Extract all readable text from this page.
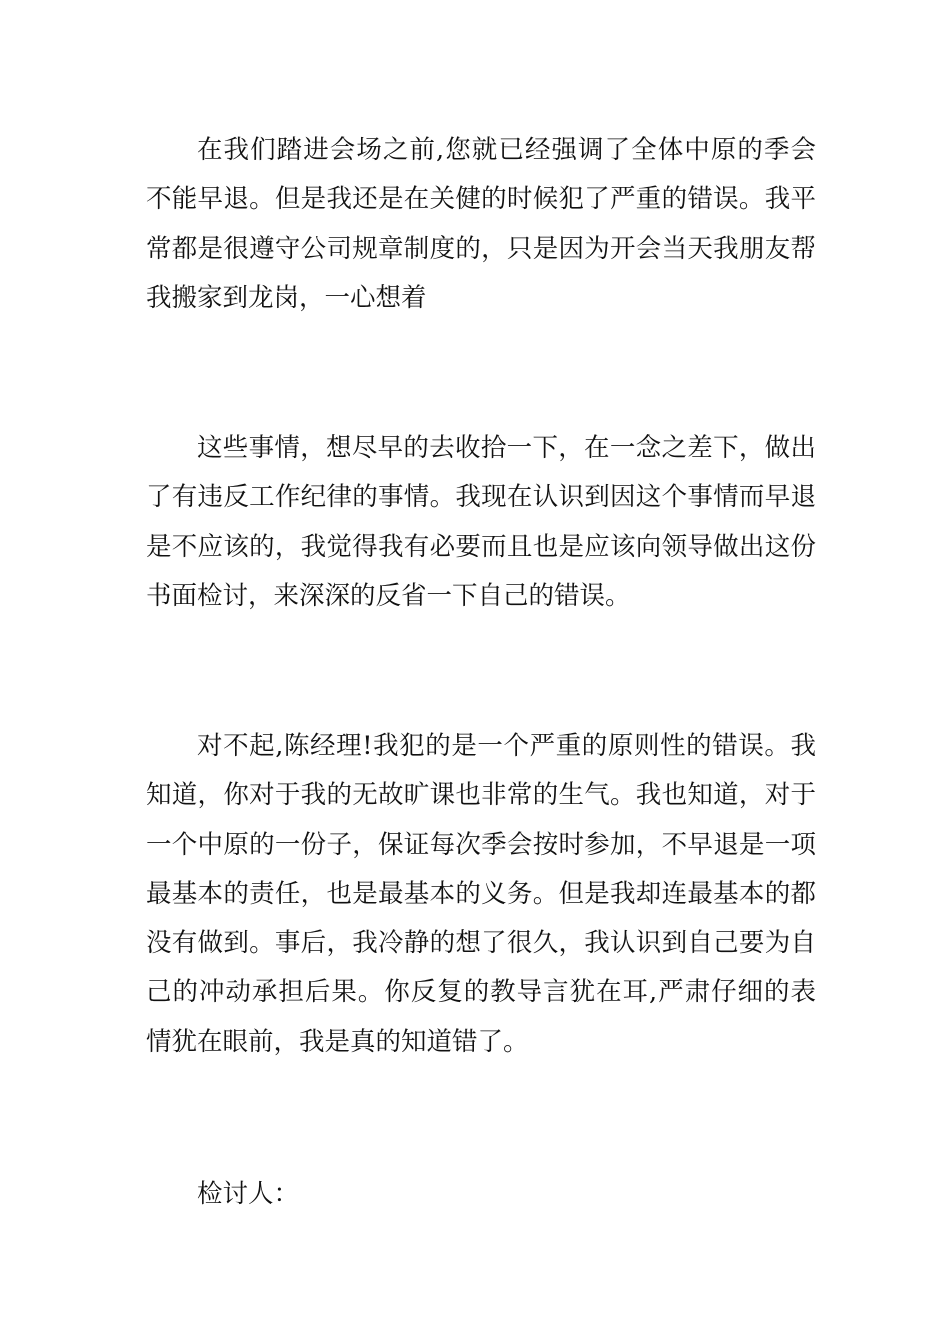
在我们踏进会场之前,您就已经强调了全体中原的季会不能早退。但是我还是在关健的时候犯了严重的错误。我平常都是很遵守公司规章制度的，只是因为开会当天我朋友帮我搬家到龙岗，一心想着

这些事情，想尽早的去收拾一下，在一念之差下，做出了有违反工作纪律的事情。我现在认识到因这个事情而早退是不应该的，我觉得我有必要而且也是应该向领导做出这份书面检讨，来深深的反省一下自己的错误。

对不起,陈经理!我犯的是一个严重的原则性的错误。我知道，你对于我的无故旷课也非常的生气。我也知道，对于一个中原的一份子，保证每次季会按时参加，不早退是一项最基本的责任，也是最基本的义务。但是我却连最基本的都没有做到。事后，我冷静的想了很久，我认识到自己要为自己的冲动承担后果。你反复的教导言犹在耳,严肃仔细的表情犹在眼前，我是真的知道错了。

检讨人：
